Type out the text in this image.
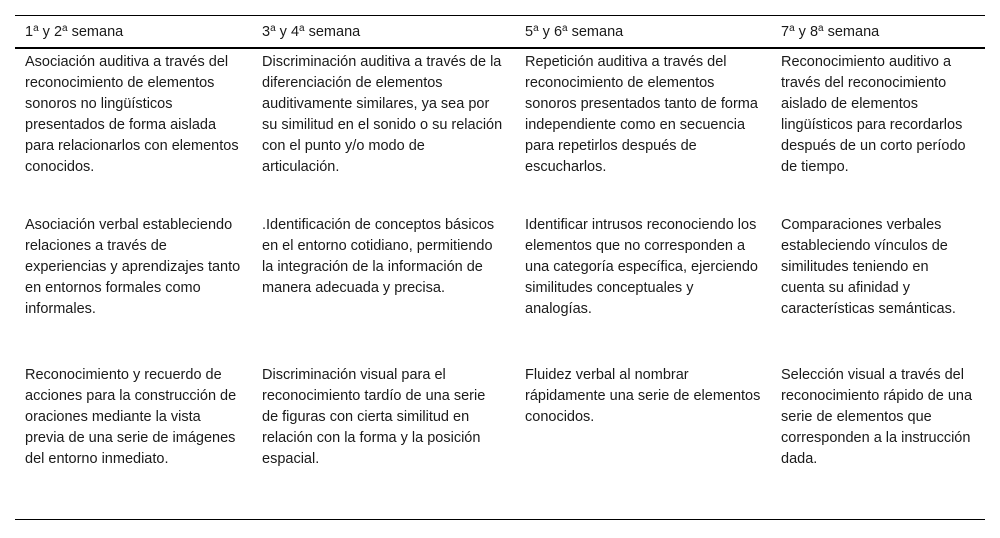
1$^a$ y 2$^a$ semana	3$^a$ y 4$^a$ semana	5$^a$ y 6$^a$ semana	7$^a$ y 8$^a$ semana

Asociación auditiva a través del reconocimiento de elementos sonoros no lingüísticos presentados de forma aislada para relacionarlos con elementos conocidos.	Discriminación auditiva a través de la diferenciación de elementos auditivamente similares, ya sea por su similitud en el sonido o su relación con el punto y/o modo de articulación.	Repetición auditiva a través del reconocimiento de elementos sonoros presentados tanto de forma independiente como en secuencia para repetirlos después de escucharlos.	Reconocimiento auditivo a través del reconocimiento aislado de elementos lingüísticos para recordarlos después de un corto período de tiempo.

Asociación verbal estableciendo relaciones a través de experiencias y aprendizajes tanto en entornos formales como informales.	.Identificación de conceptos básicos en el entorno cotidiano, permitiendo la integración de la información de manera adecuada y precisa.	Identificar intrusos reconociendo los elementos que no corresponden a una categoría específica, ejerciendo similitudes conceptuales y analogías.	Comparaciones verbales estableciendo vínculos de similitudes teniendo en cuenta su afinidad y características semánticas.

Reconocimiento y recuerdo de acciones para la construcción de oraciones mediante la vista previa de una serie de imágenes del entorno inmediato.	Discriminación visual para el reconocimiento tardío de una serie de figuras con cierta similitud en relación con la forma y la posición espacial.	Fluidez verbal al nombrar rápidamente una serie de elementos conocidos.	Selección visual a través del reconocimiento rápido de una serie de elementos que corresponden a la instrucción dada.
